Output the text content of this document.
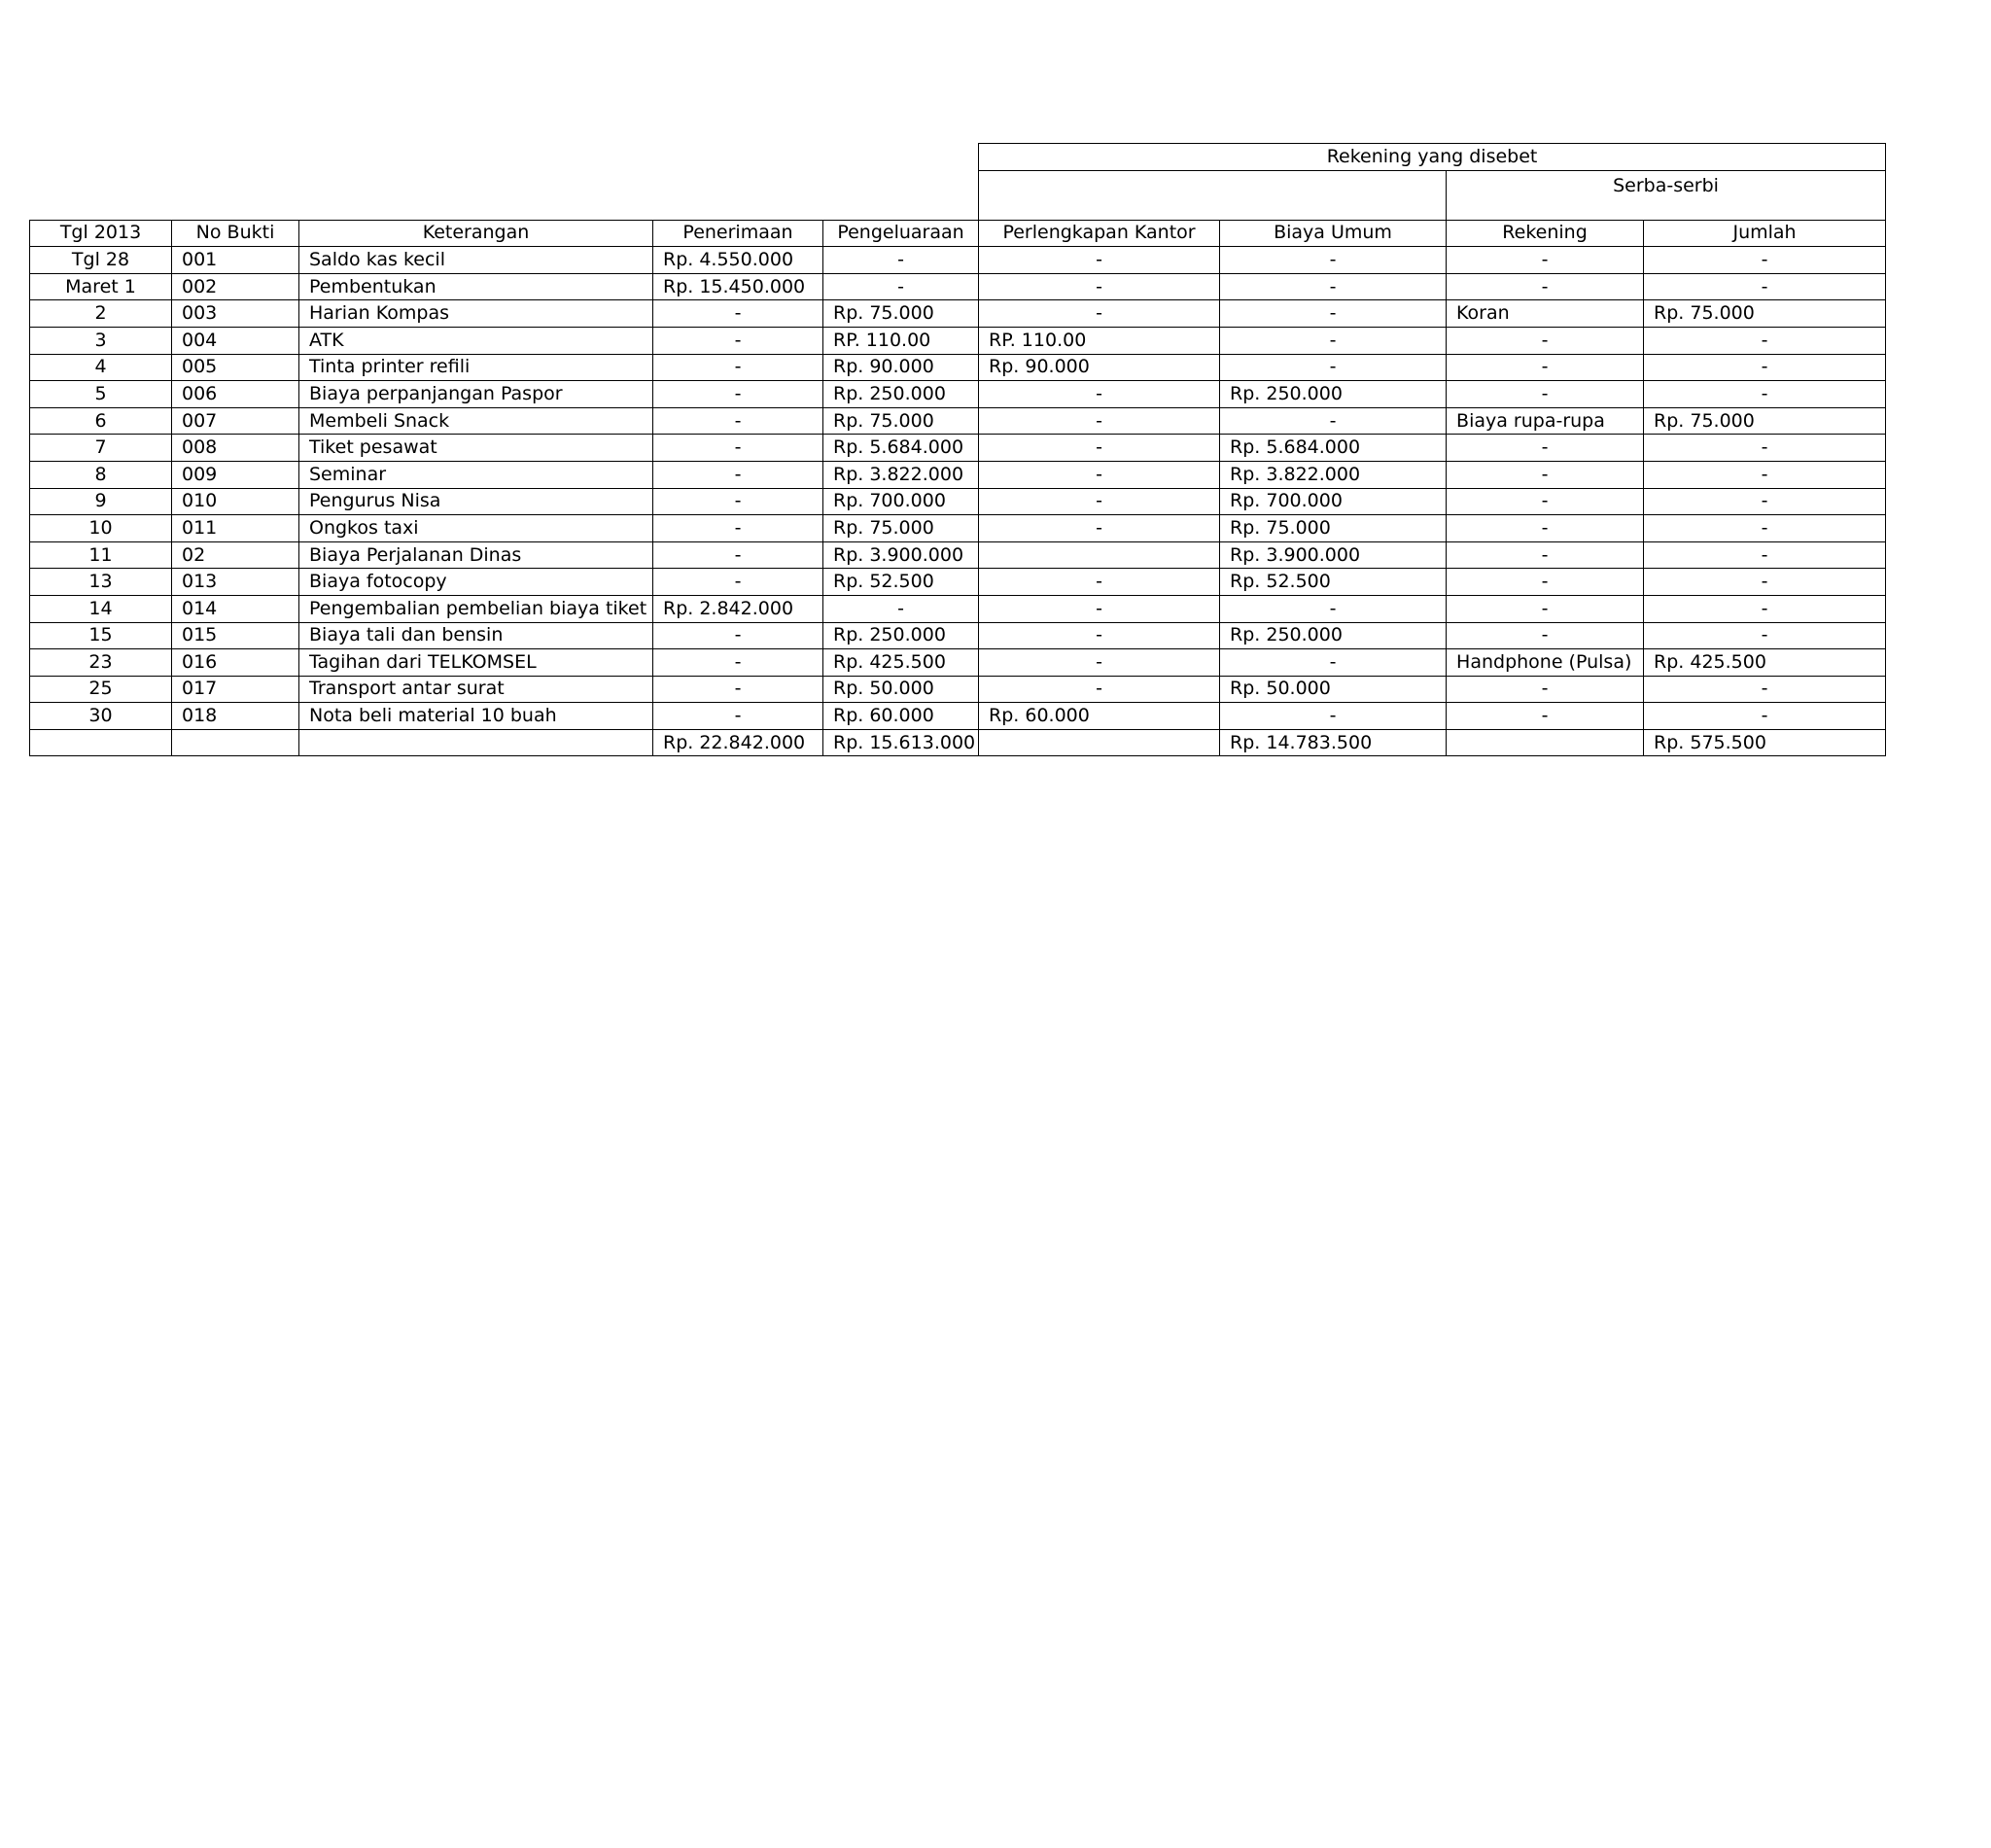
					Rekening yang disebet			
							Serba-serbi	
Tgl 2013	No Bukti	Keterangan	Penerimaan	Pengeluaraan	Perlengkapan Kantor	Biaya Umum	Rekening	Jumlah
Tgl 28	001	Saldo kas kecil	Rp. 4.550.000	-	-	-	-	-
Maret 1	002	Pembentukan	Rp. 15.450.000	-	-	-	-	-
2	003	Harian Kompas	-	Rp. 75.000	-	-	Koran	Rp. 75.000
3	004	ATK	-	RP. 110.00	RP. 110.00	-	-	-
4	005	Tinta printer refili	-	Rp. 90.000	Rp. 90.000	-	-	-
5	006	Biaya perpanjangan Paspor	-	Rp. 250.000	-	Rp. 250.000	-	-
6	007	Membeli Snack	-	Rp. 75.000	-	-	Biaya rupa-rupa	Rp. 75.000
7	008	Tiket pesawat	-	Rp. 5.684.000	-	Rp. 5.684.000	-	-
8	009	Seminar	-	Rp. 3.822.000	-	Rp. 3.822.000	-	-
9	010	Pengurus Nisa	-	Rp. 700.000	-	Rp. 700.000	-	-
10	011	Ongkos taxi	-	Rp. 75.000	-	Rp. 75.000	-	-
11	02	Biaya Perjalanan Dinas	-	Rp. 3.900.000		Rp. 3.900.000	-	-
13	013	Biaya fotocopy	-	Rp. 52.500	-	Rp. 52.500	-	-
14	014	Pengembalian pembelian biaya tiket	Rp. 2.842.000	-	-	-	-	-
15	015	Biaya tali dan bensin	-	Rp. 250.000	-	Rp. 250.000	-	-
23	016	Tagihan dari TELKOMSEL	-	Rp. 425.500	-	-	Handphone (Pulsa)	Rp. 425.500
25	017	Transport antar surat	-	Rp. 50.000	-	Rp. 50.000	-	-
30	018	Nota beli material 10 buah	-	Rp. 60.000	Rp. 60.000	-	-	-
			Rp. 22.842.000	Rp. 15.613.000		Rp. 14.783.500		Rp. 575.500
